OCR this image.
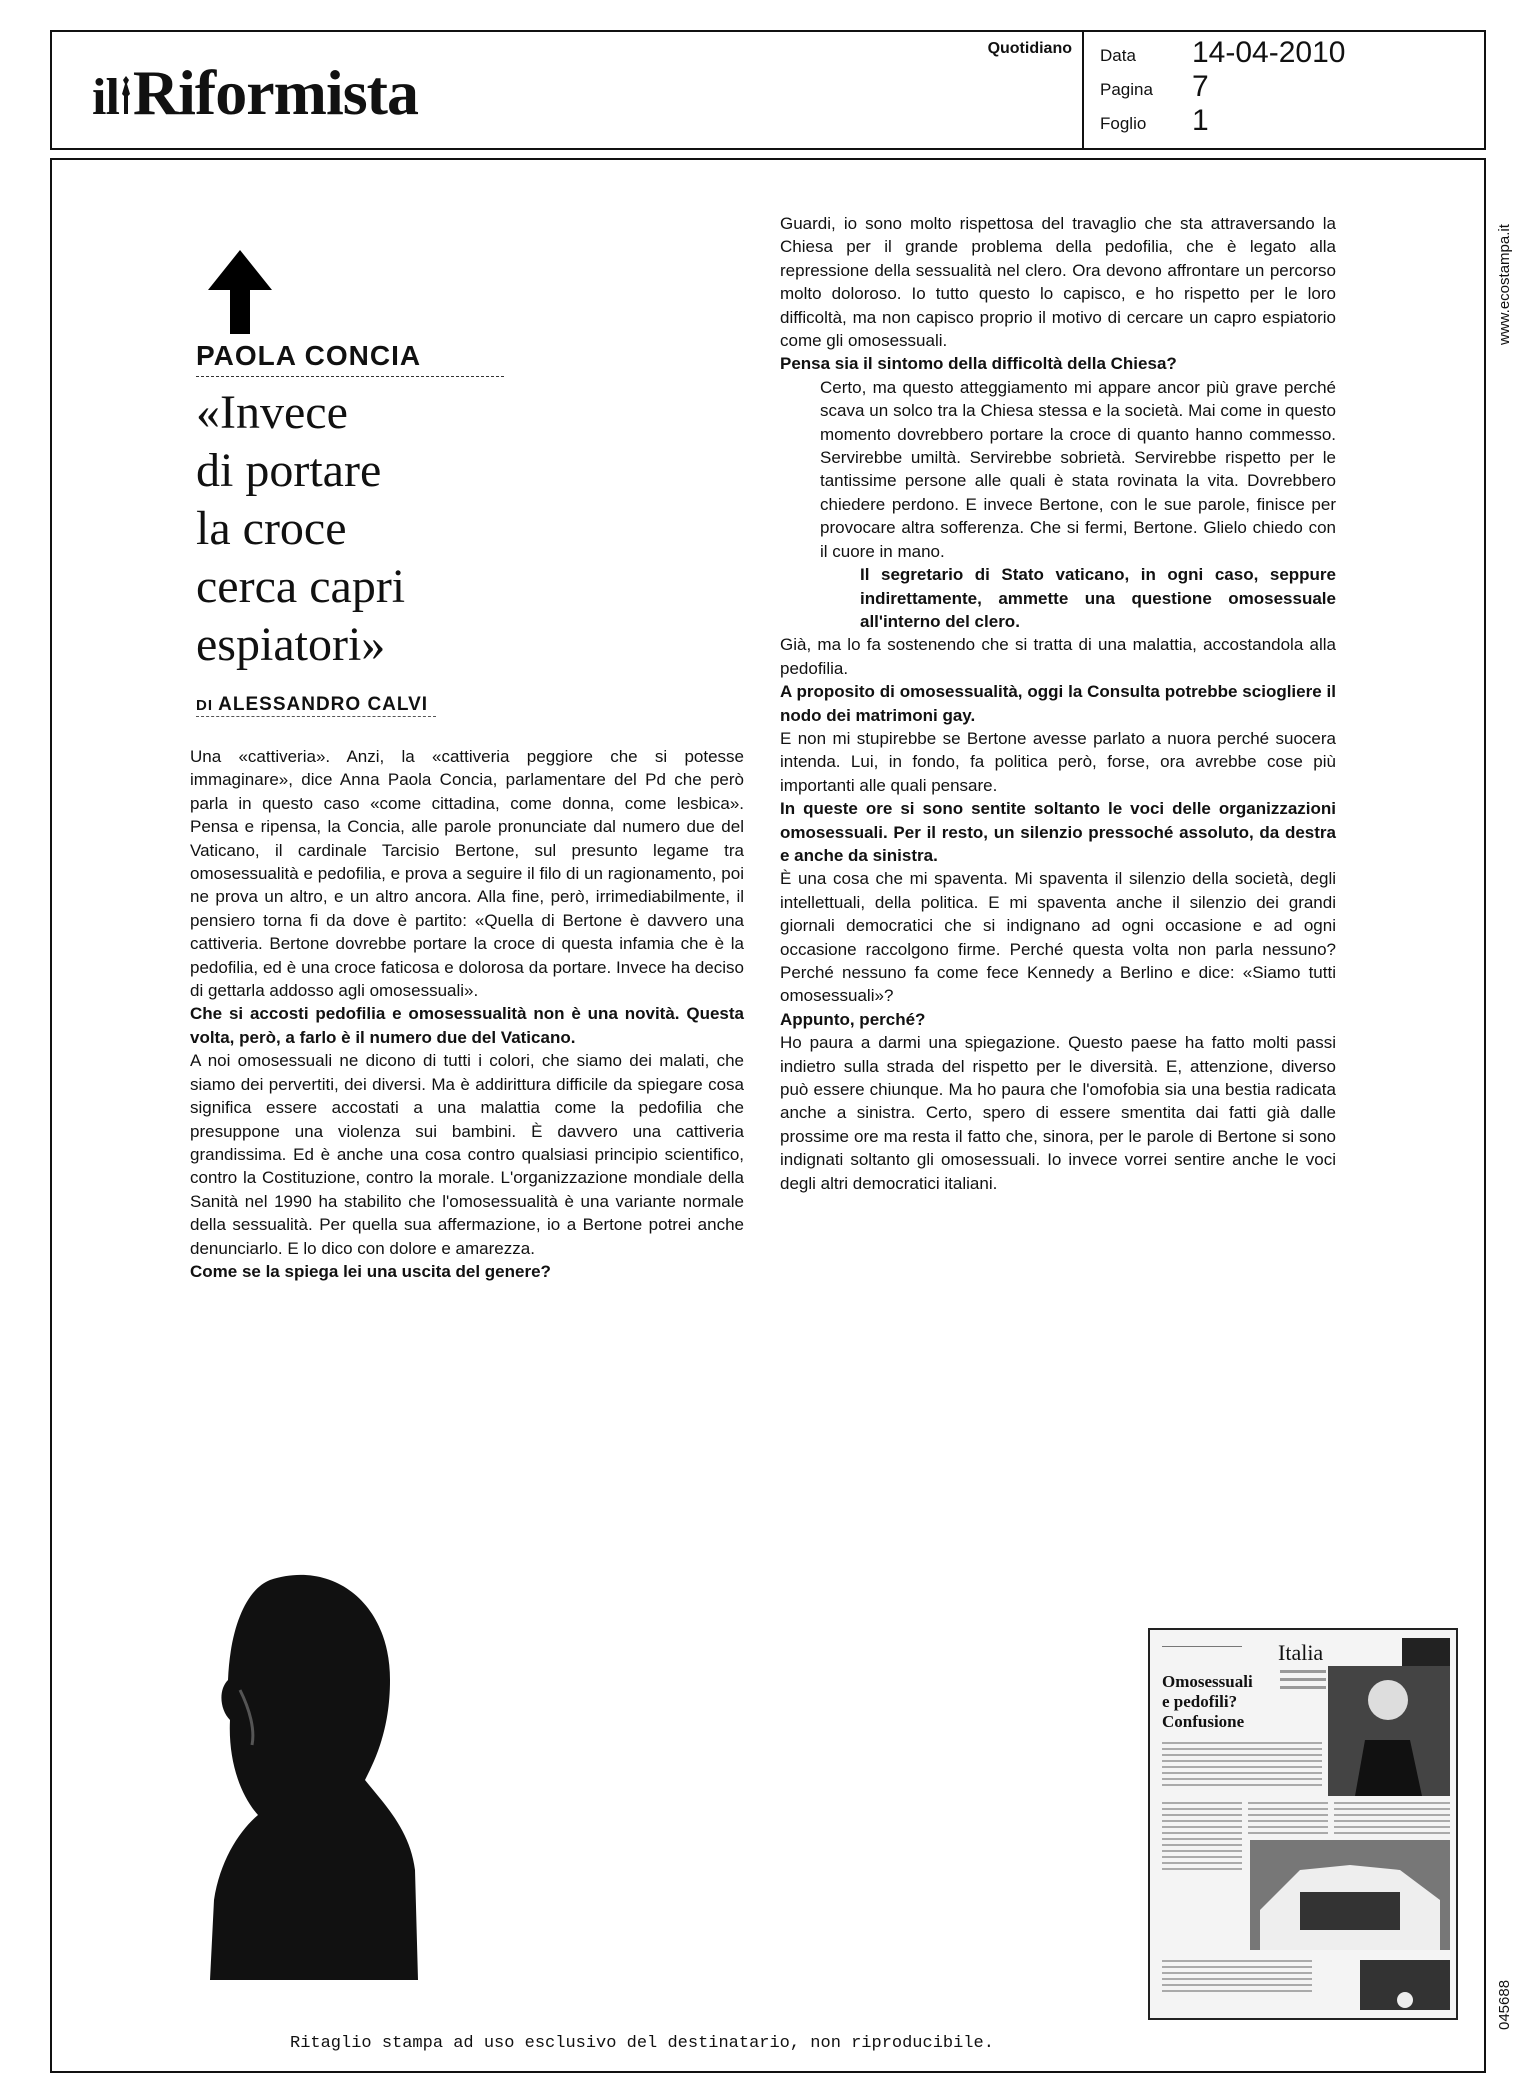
il Riformista
Quotidiano Data 14-04-2010
Pagina 7
Foglio 1
www.ecostampa.it
045688
PAOLA CONCIA
«Invece
di portare
la croce
cerca capri
espiatori»
DI ALESSANDRO CALVI

Una «cattiveria». Anzi, la «cattiveria peggiore che si potesse immaginare», dice Anna Paola Concia, parlamentare del Pd che però parla in questo caso «come cittadina, come donna, come lesbica». Pensa e ripensa, la Concia, alle parole pronunciate dal numero due del Vaticano, il cardinale Tarcisio Bertone, sul presunto legame tra omosessualità e pedofilia, e prova a seguire il filo di un ragionamento, poi ne prova un altro, e un altro ancora. Alla fine, però, irrimediabilmente, il pensiero torna fi da dove è partito: «Quella di Bertone è davvero una cattiveria. Bertone dovrebbe portare la croce di questa infamia che è la pedofilia, ed è una croce faticosa e dolorosa da portare. Invece ha deciso di gettarla addosso agli omosessuali».

Che si accosti pedofilia e omosessualità non è una novità. Questa volta, però, a farlo è il numero due del Vaticano.

A noi omosessuali ne dicono di tutti i colori, che siamo dei malati, che siamo dei pervertiti, dei diversi. Ma è addirittura difficile da spiegare cosa significa essere accostati a una malattia come la pedofilia che presuppone una violenza sui bambini. È davvero una cattiveria grandissima. Ed è anche una cosa contro qualsiasi principio scientifico, contro la Costituzione, contro la morale. L'organizzazione mondiale della Sanità nel 1990 ha stabilito che l'omosessualità è una variante normale della sessualità. Per quella sua affermazione, io a Bertone potrei anche denunciarlo. E lo dico con dolore e amarezza.

Come se la spiega lei una uscita del genere?

Guardi, io sono molto rispettosa del travaglio che sta attraversando la Chiesa per il grande problema della pedofilia, che è legato alla repressione della sessualità nel clero. Ora devono affrontare un percorso molto doloroso. Io tutto questo lo capisco, e ho rispetto per le loro difficoltà, ma non capisco proprio il motivo di cercare un capro espiatorio come gli omosessuali.

Pensa sia il sintomo della difficoltà della Chiesa?

Certo, ma questo atteggiamento mi appare ancor più grave perché scava un solco tra la Chiesa stessa e la società. Mai come in questo momento dovrebbero portare la croce di quanto hanno commesso. Servirebbe umiltà. Servirebbe sobrietà. Servirebbe rispetto per le tantissime persone alle quali è stata rovinata la vita. Dovrebbero chiedere perdono. E invece Bertone, con le sue parole, finisce per provocare altra sofferenza. Che si fermi, Bertone. Glielo chiedo con il cuore in mano.

Il segretario di Stato vaticano, in ogni caso, seppure indirettamente, ammette una questione omosessuale all'interno del clero.

Già, ma lo fa sostenendo che si tratta di una malattia, accostandola alla pedofilia.

A proposito di omosessualità, oggi la Consulta potrebbe sciogliere il nodo dei matrimoni gay.

E non mi stupirebbe se Bertone avesse parlato a nuora perché suocera intenda. Lui, in fondo, fa politica però, forse, ora avrebbe cose più importanti alle quali pensare.

In queste ore si sono sentite soltanto le voci delle organizzazioni omosessuali. Per il resto, un silenzio pressoché assoluto, da destra e anche da sinistra.

È una cosa che mi spaventa. Mi spaventa il silenzio della società, degli intellettuali, della politica. E mi spaventa anche il silenzio dei grandi giornali democratici che si indignano ad ogni occasione e ad ogni occasione raccolgono firme. Perché questa volta non parla nessuno? Perché nessuno fa come fece Kennedy a Berlino e dice: «Siamo tutti omosessuali»?

Appunto, perché?

Ho paura a darmi una spiegazione. Questo paese ha fatto molti passi indietro sulla strada del rispetto per le diversità. E, attenzione, diverso può essere chiunque. Ma ho paura che l'omofobia sia una bestia radicata anche a sinistra. Certo, spero di essere smentita dai fatti già dalle prossime ore ma resta il fatto che, sinora, per le parole di Bertone si sono indignati soltanto gli omosessuali. Io invece vorrei sentire anche le voci degli altri democratici italiani.

Italia
Omosessuali
e pedofili?
Confusione
Ritaglio stampa ad uso esclusivo del destinatario, non riproducibile.
